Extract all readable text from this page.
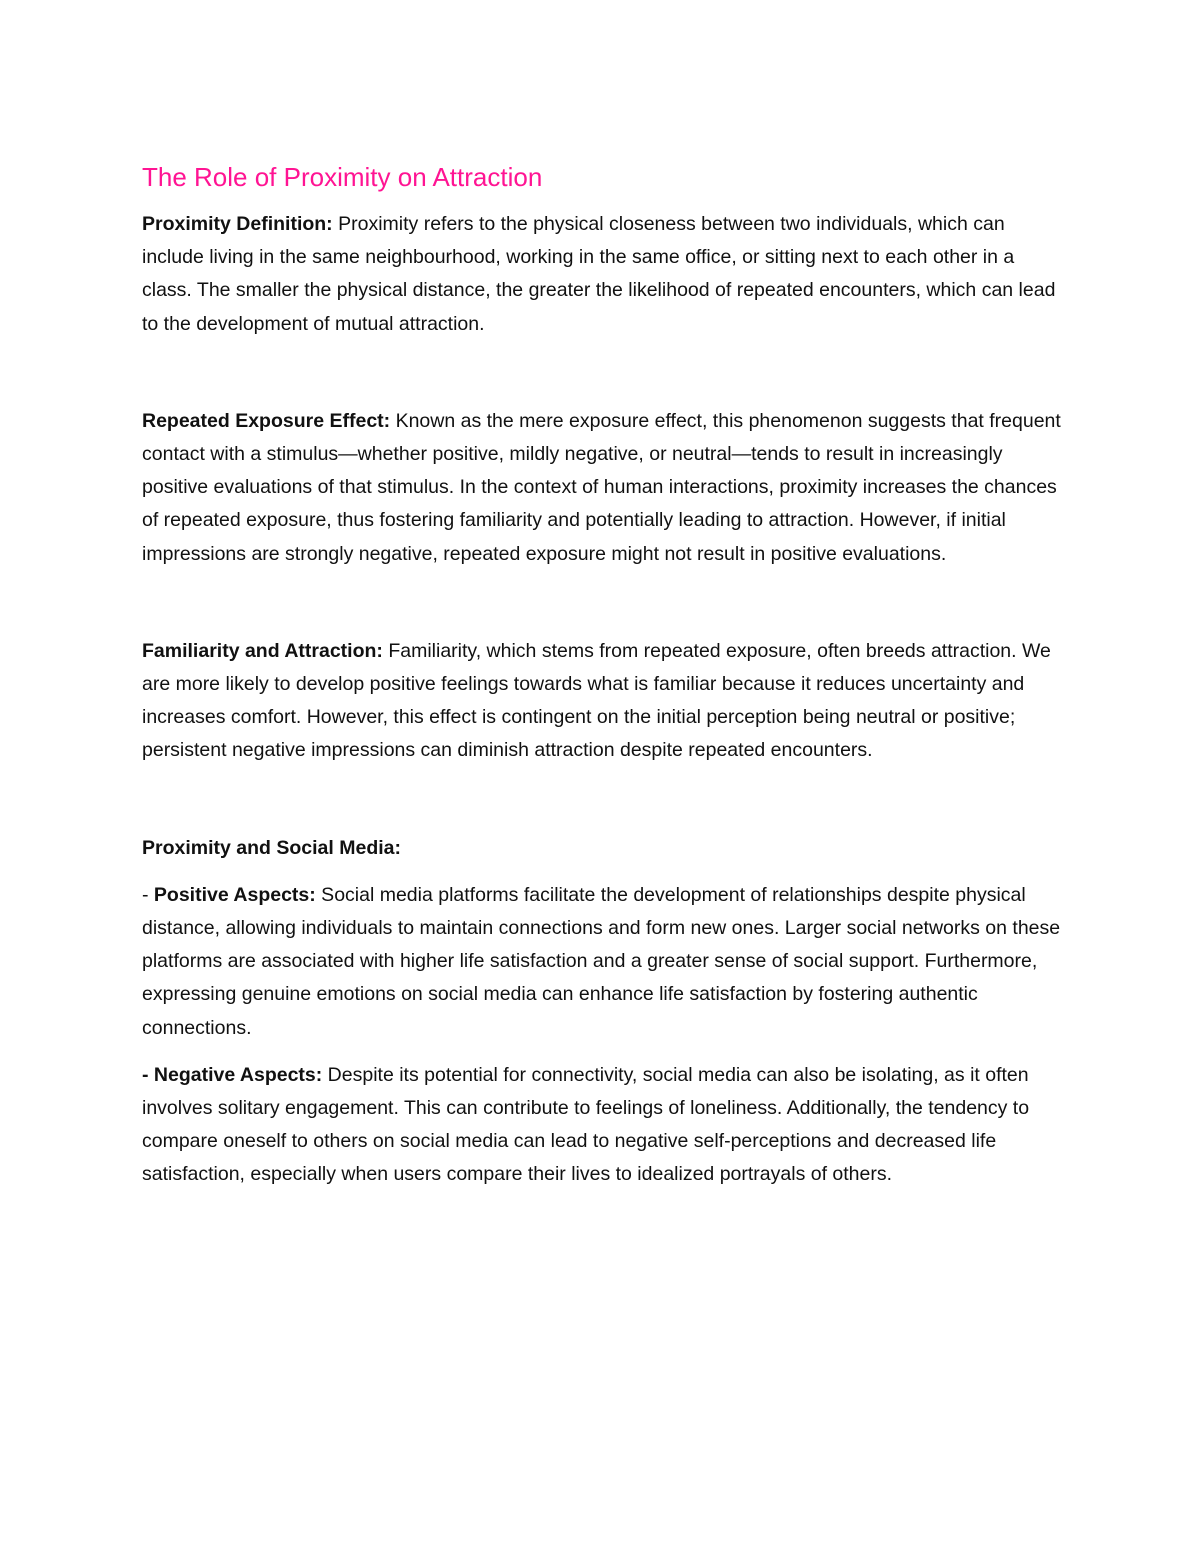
The Role of Proximity on Attraction

Proximity Definition: Proximity refers to the physical closeness between two individuals, which can include living in the same neighbourhood, working in the same office, or sitting next to each other in a class. The smaller the physical distance, the greater the likelihood of repeated encounters, which can lead to the development of mutual attraction.

Repeated Exposure Effect: Known as the mere exposure effect, this phenomenon suggests that frequent contact with a stimulus—whether positive, mildly negative, or neutral—tends to result in increasingly positive evaluations of that stimulus. In the context of human interactions, proximity increases the chances of repeated exposure, thus fostering familiarity and potentially leading to attraction. However, if initial impressions are strongly negative, repeated exposure might not result in positive evaluations.

Familiarity and Attraction: Familiarity, which stems from repeated exposure, often breeds attraction. We are more likely to develop positive feelings towards what is familiar because it reduces uncertainty and increases comfort. However, this effect is contingent on the initial perception being neutral or positive; persistent negative impressions can diminish attraction despite repeated encounters.

Proximity and Social Media:

- Positive Aspects: Social media platforms facilitate the development of relationships despite physical distance, allowing individuals to maintain connections and form new ones. Larger social networks on these platforms are associated with higher life satisfaction and a greater sense of social support. Furthermore, expressing genuine emotions on social media can enhance life satisfaction by fostering authentic connections.

- Negative Aspects: Despite its potential for connectivity, social media can also be isolating, as it often involves solitary engagement. This can contribute to feelings of loneliness. Additionally, the tendency to compare oneself to others on social media can lead to negative self-perceptions and decreased life satisfaction, especially when users compare their lives to idealized portrayals of others.
